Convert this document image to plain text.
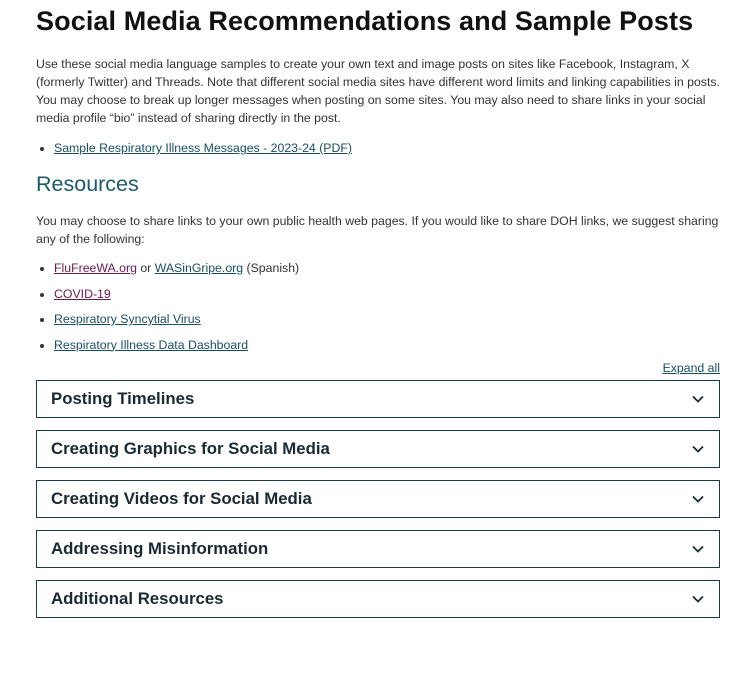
Social Media Recommendations and Sample Posts

Use these social media language samples to create your own text and image posts on sites like Facebook, Instagram, X (formerly Twitter) and Threads. Note that different social media sites have different word limits and linking capabilities in posts. You may choose to break up longer messages when posting on some sites. You may also need to share links in your social media profile “bio” instead of sharing directly in the post.

• Sample Respiratory Illness Messages - 2023-24 (PDF)
Resources

You may choose to share links to your own public health web pages. If you would like to share DOH links, we suggest sharing any of the following:

• FluFreeWA.org or WASinGripe.org (Spanish)
• COVID-19
• Respiratory Syncytial Virus
• Respiratory Illness Data Dashboard
Expand all
Posting Timelines
Creating Graphics for Social Media
Creating Videos for Social Media
Addressing Misinformation
Additional Resources
